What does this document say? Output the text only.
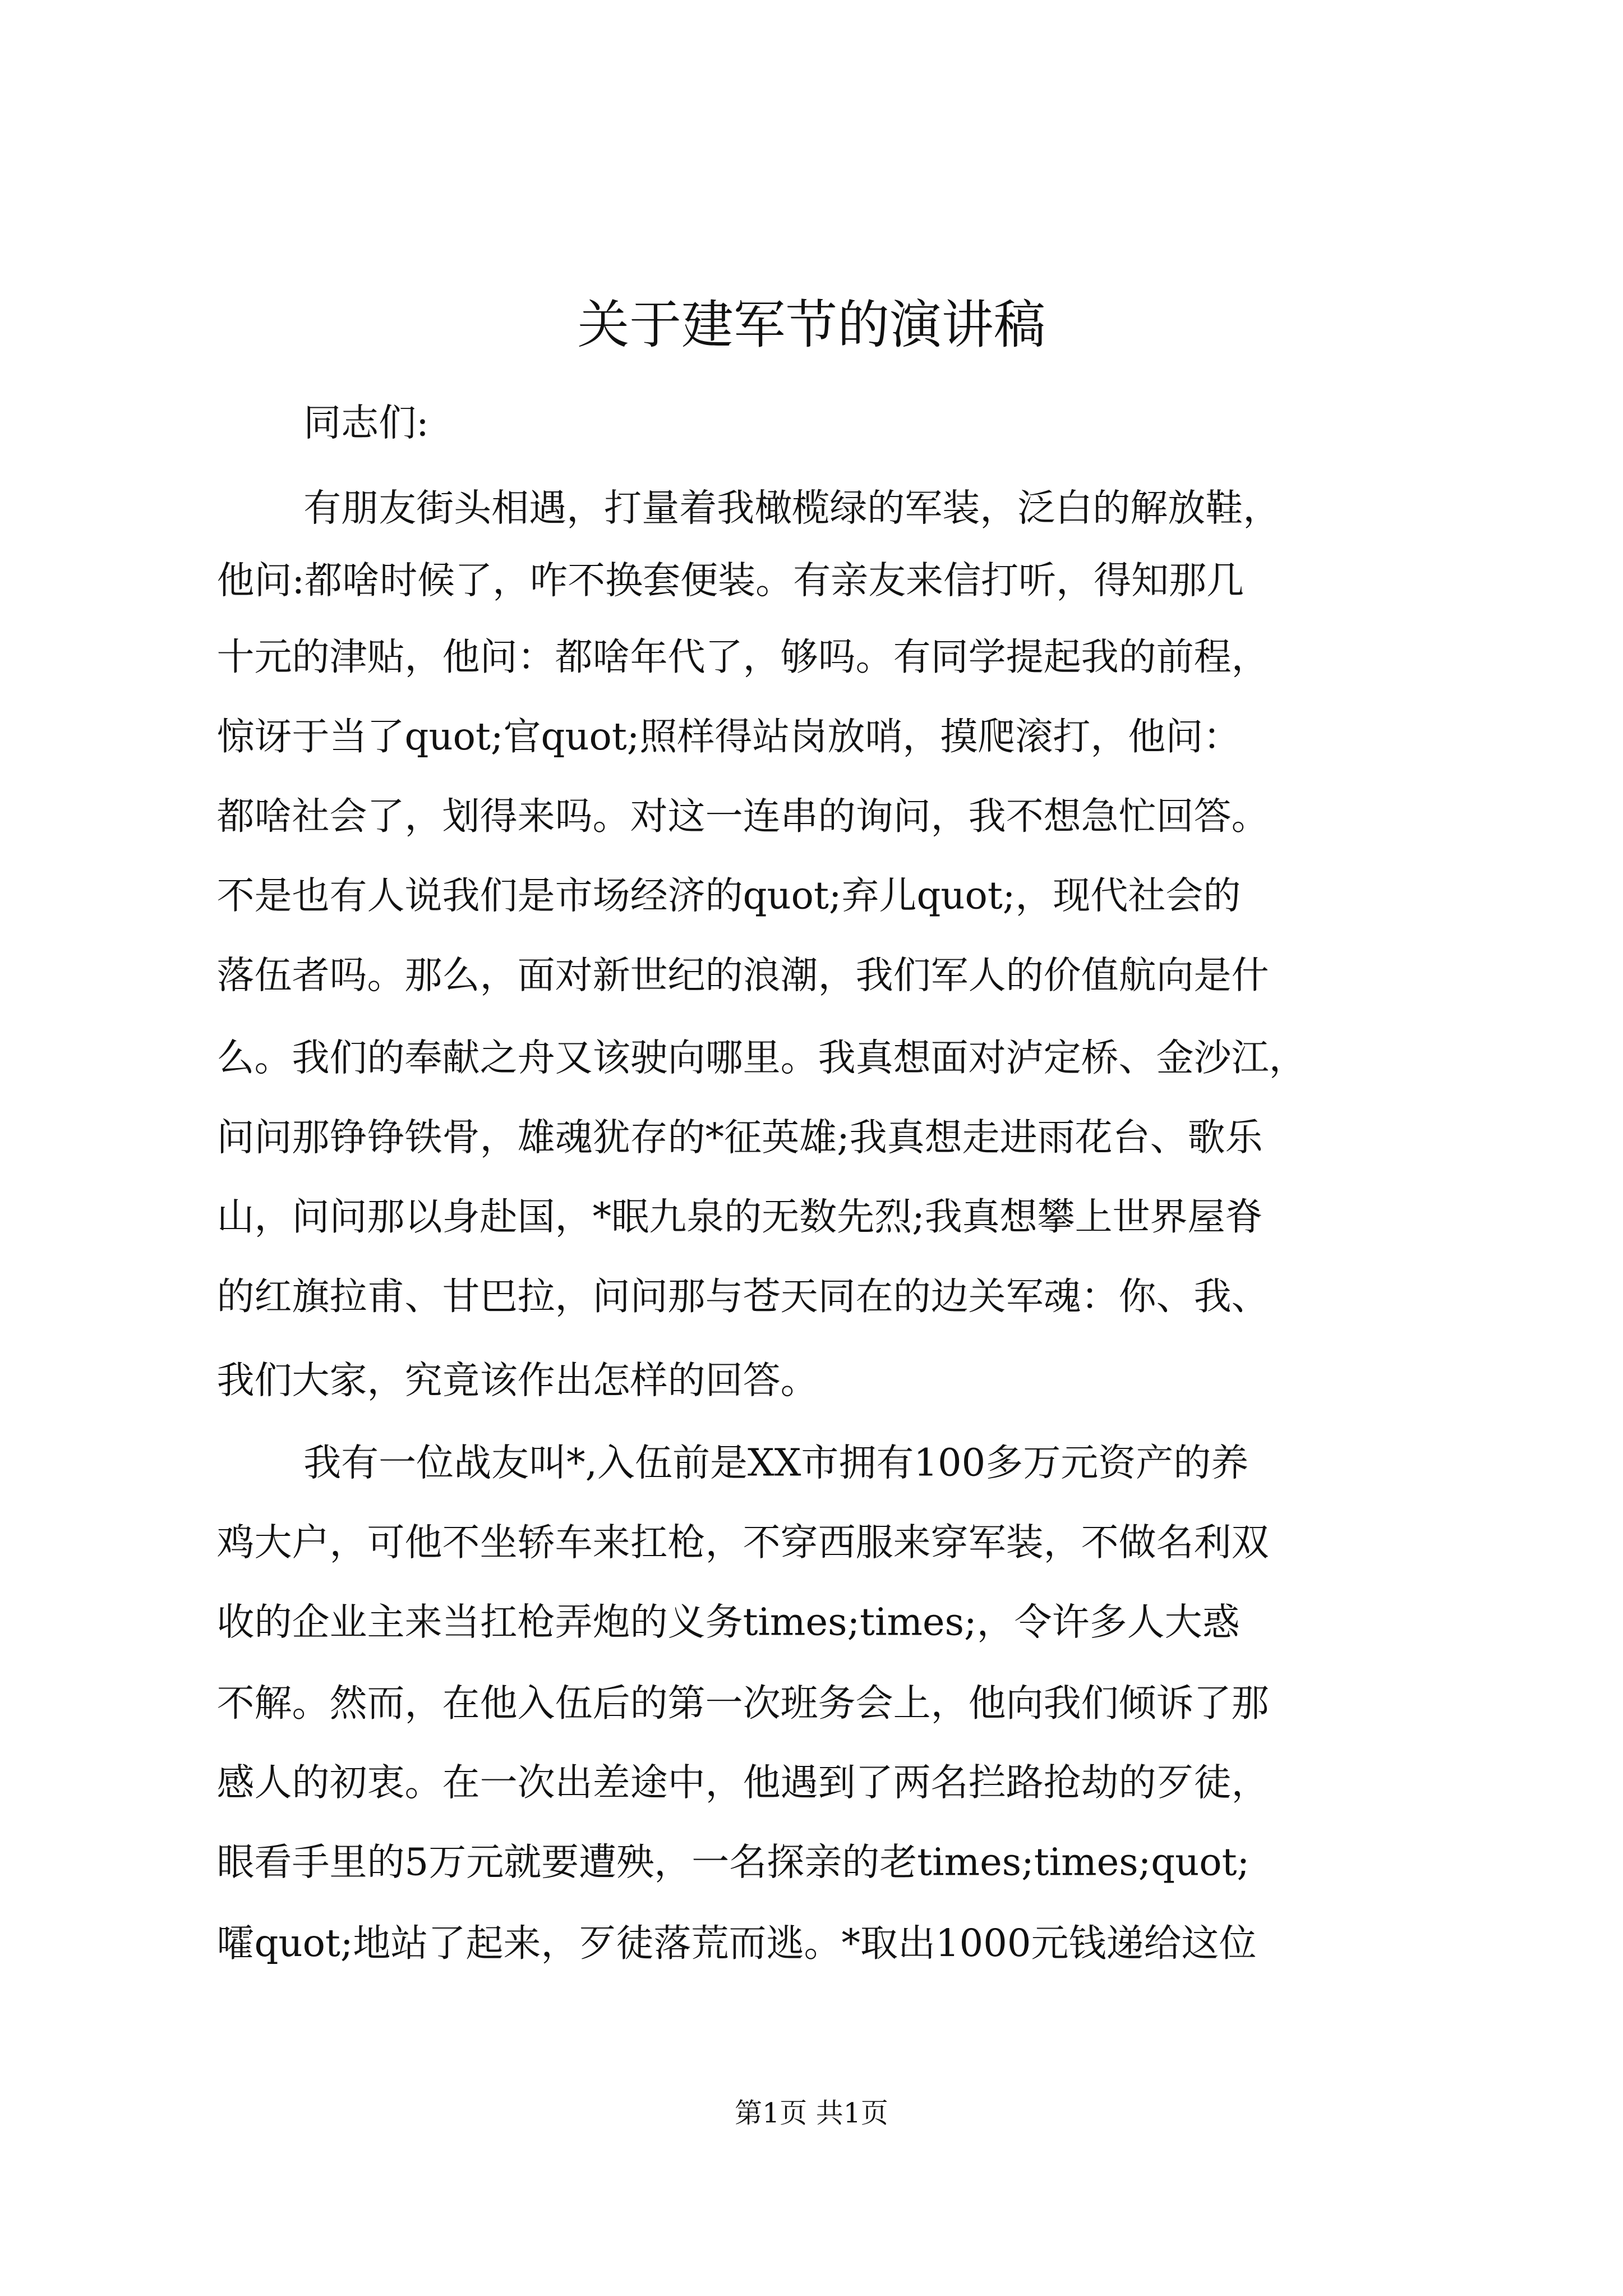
关于建军节的演讲稿
同志们:
有朋友街头相遇，打量着我橄榄绿的军装，泛白的解放鞋，
他问:都啥时候了，咋不换套便装。有亲友来信打听，得知那几
十元的津贴，他问：都啥年代了，够吗。有同学提起我的前程，
惊讶于当了quot;官quot;照样得站岗放哨，摸爬滚打，他问：
都啥社会了，划得来吗。对这一连串的询问，我不想急忙回答。
不是也有人说我们是市场经济的quot;弃儿quot;，现代社会的
落伍者吗。那么，面对新世纪的浪潮，我们军人的价值航向是什
么。我们的奉献之舟又该驶向哪里。我真想面对泸定桥、金沙江，
问问那铮铮铁骨，雄魂犹存的*征英雄;我真想走进雨花台、歌乐
山，问问那以身赴国，*眠九泉的无数先烈;我真想攀上世界屋脊
的红旗拉甫、甘巴拉，问问那与苍天同在的边关军魂：你、我、
我们大家，究竟该作出怎样的回答。
我有一位战友叫*,入伍前是XX市拥有100多万元资产的养
鸡大户，可他不坐轿车来扛枪，不穿西服来穿军装，不做名利双
收的企业主来当扛枪弄炮的义务times;times;，令许多人大惑
不解。然而，在他入伍后的第一次班务会上，他向我们倾诉了那
感人的初衷。在一次出差途中，他遇到了两名拦路抢劫的歹徒，
眼看手里的5万元就要遭殃，一名探亲的老times;times;quot;
嚯quot;地站了起来，歹徒落荒而逃。*取出1000元钱递给这位
第1页 共1页
